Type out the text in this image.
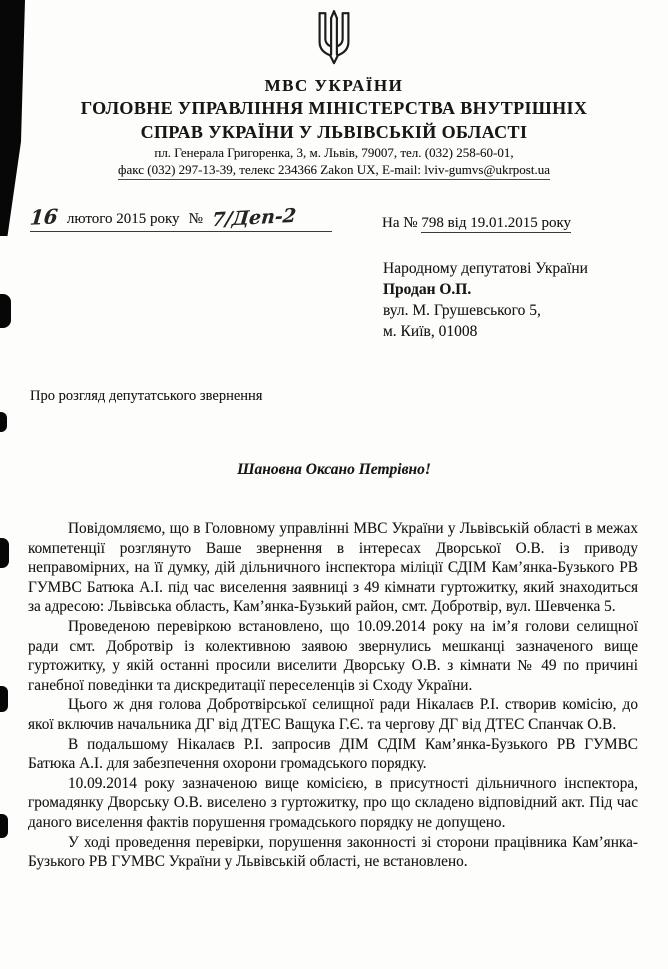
МВС УКРАЇНИ
ГОЛОВНЕ УПРАВЛІННЯ МІНІСТЕРСТВА ВНУТРІШНІХ
СПРАВ УКРАЇНИ У ЛЬВІВСЬКІЙ ОБЛАСТІ
пл. Генерала Григоренка, 3, м. Львів, 79007, тел. (032) 258-60-01,
факс (032) 297-13-39, телекс 234366 Zakon UX, E-mail: lviv-gumvs@ukrpost.ua
16 лютого 2015 року № 7/Деп-2	На № 798 від 19.01.2015 року
Народному депутатові України
Продан О.П.
вул. М. Грушевського 5,
м. Київ, 01008
Про розгляд депутатського звернення
Шановна Оксано Петрівно!

Повідомляємо, що в Головному управлінні МВС України у Львівській області в межах компетенції розглянуто Ваше звернення в інтересах Дворської О.В. із приводу неправомірних, на її думку, дій дільничного інспектора міліції СДІМ Кам’янка-Бузького РВ ГУМВС Батюка А.І. під час виселення заявниці з 49 кімнати гуртожитку, який знаходиться за адресою: Львівська область, Кам’янка-Бузький район, смт. Добротвір, вул. Шевченка 5.

Проведеною перевіркою встановлено, що 10.09.2014 року на ім’я голови селищної ради смт. Добротвір із колективною заявою звернулись мешканці зазначеного вище гуртожитку, у якій останні просили виселити Дворську О.В. з кімнати № 49 по причині ганебної поведінки та дискредитації переселенців зі Сходу України.

Цього ж дня голова Добротвірської селищної ради Нікалаєв Р.І. створив комісію, до якої включив начальника ДГ від ДТЕС Ващука Г.Є. та чергову ДГ від ДТЕС Спанчак О.В.

В подальшому Нікалаєв Р.І. запросив ДІМ СДІМ Кам’янка-Бузького РВ ГУМВС Батюка А.І. для забезпечення охорони громадського порядку.

10.09.2014 року зазначеною вище комісією, в присутності дільничного інспектора, громадянку Дворську О.В. виселено з гуртожитку, про що складено відповідний акт. Під час даного виселення фактів порушення громадського порядку не допущено.

У ході проведення перевірки, порушення законності зі сторони працівника Кам’янка-Бузького РВ ГУМВС України у Львівській області, не встановлено.
